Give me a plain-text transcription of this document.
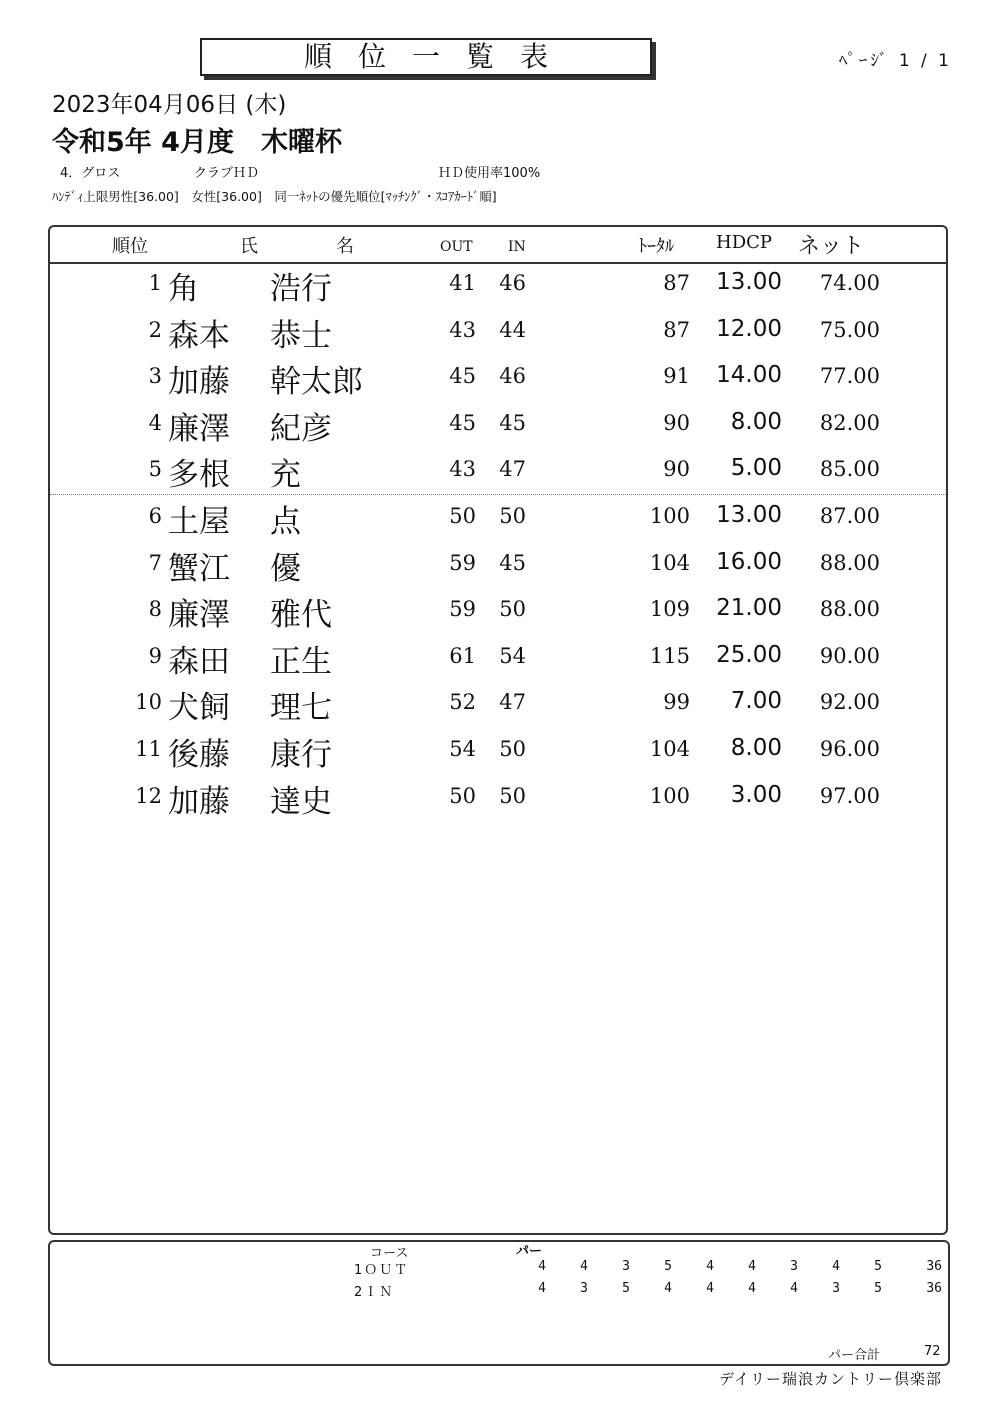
順位一覧表	ﾍﾟｰｼﾞ 1 / 1
2023年04月06日 (木)
令和5年 4月度　木曜杯
4．グロス	クラブＨＤ	ＨＤ使用率100%
ﾊﾝﾃﾞｨ上限男性[36.00]　女性[36.00]　同一ﾈｯﾄの優先順位[ﾏｯﾁﾝｸﾞ・ｽｺｱｶｰﾄﾞ順]
順位	氏	名	OUT	IN	ﾄｰﾀﾙ HDCP ネット
1 角 浩行	41 46	87 13.00 74.00
2 森本 恭士	43 44	87 12.00 75.00
3 加藤 幹太郎	45 46	91 14.00 77.00
4 廉澤 紀彦	45 45	90 8.00 82.00
5 多根 充	43 47	90 5.00 85.00
6 土屋 点	50 50	100 13.00 87.00
7 蟹江 優	59 45	104 16.00 88.00
8 廉澤 雅代	59 50	109 21.00 88.00
9 森田 正生	61 54	115 25.00 90.00
10 犬飼 理七	52 47	99 7.00 92.00
11 後藤 康行	54 50	104 8.00 96.00
12 加藤 達史	50 50	100 3.00 97.00
コース	パー
1ＯＵＴ	4	4	3	5	4	4	3	4	5	36
2ＩＮ	4	3	5	4	4	4	4	3	5	36
パー合計	72
デイリー瑞浪カントリー倶楽部
